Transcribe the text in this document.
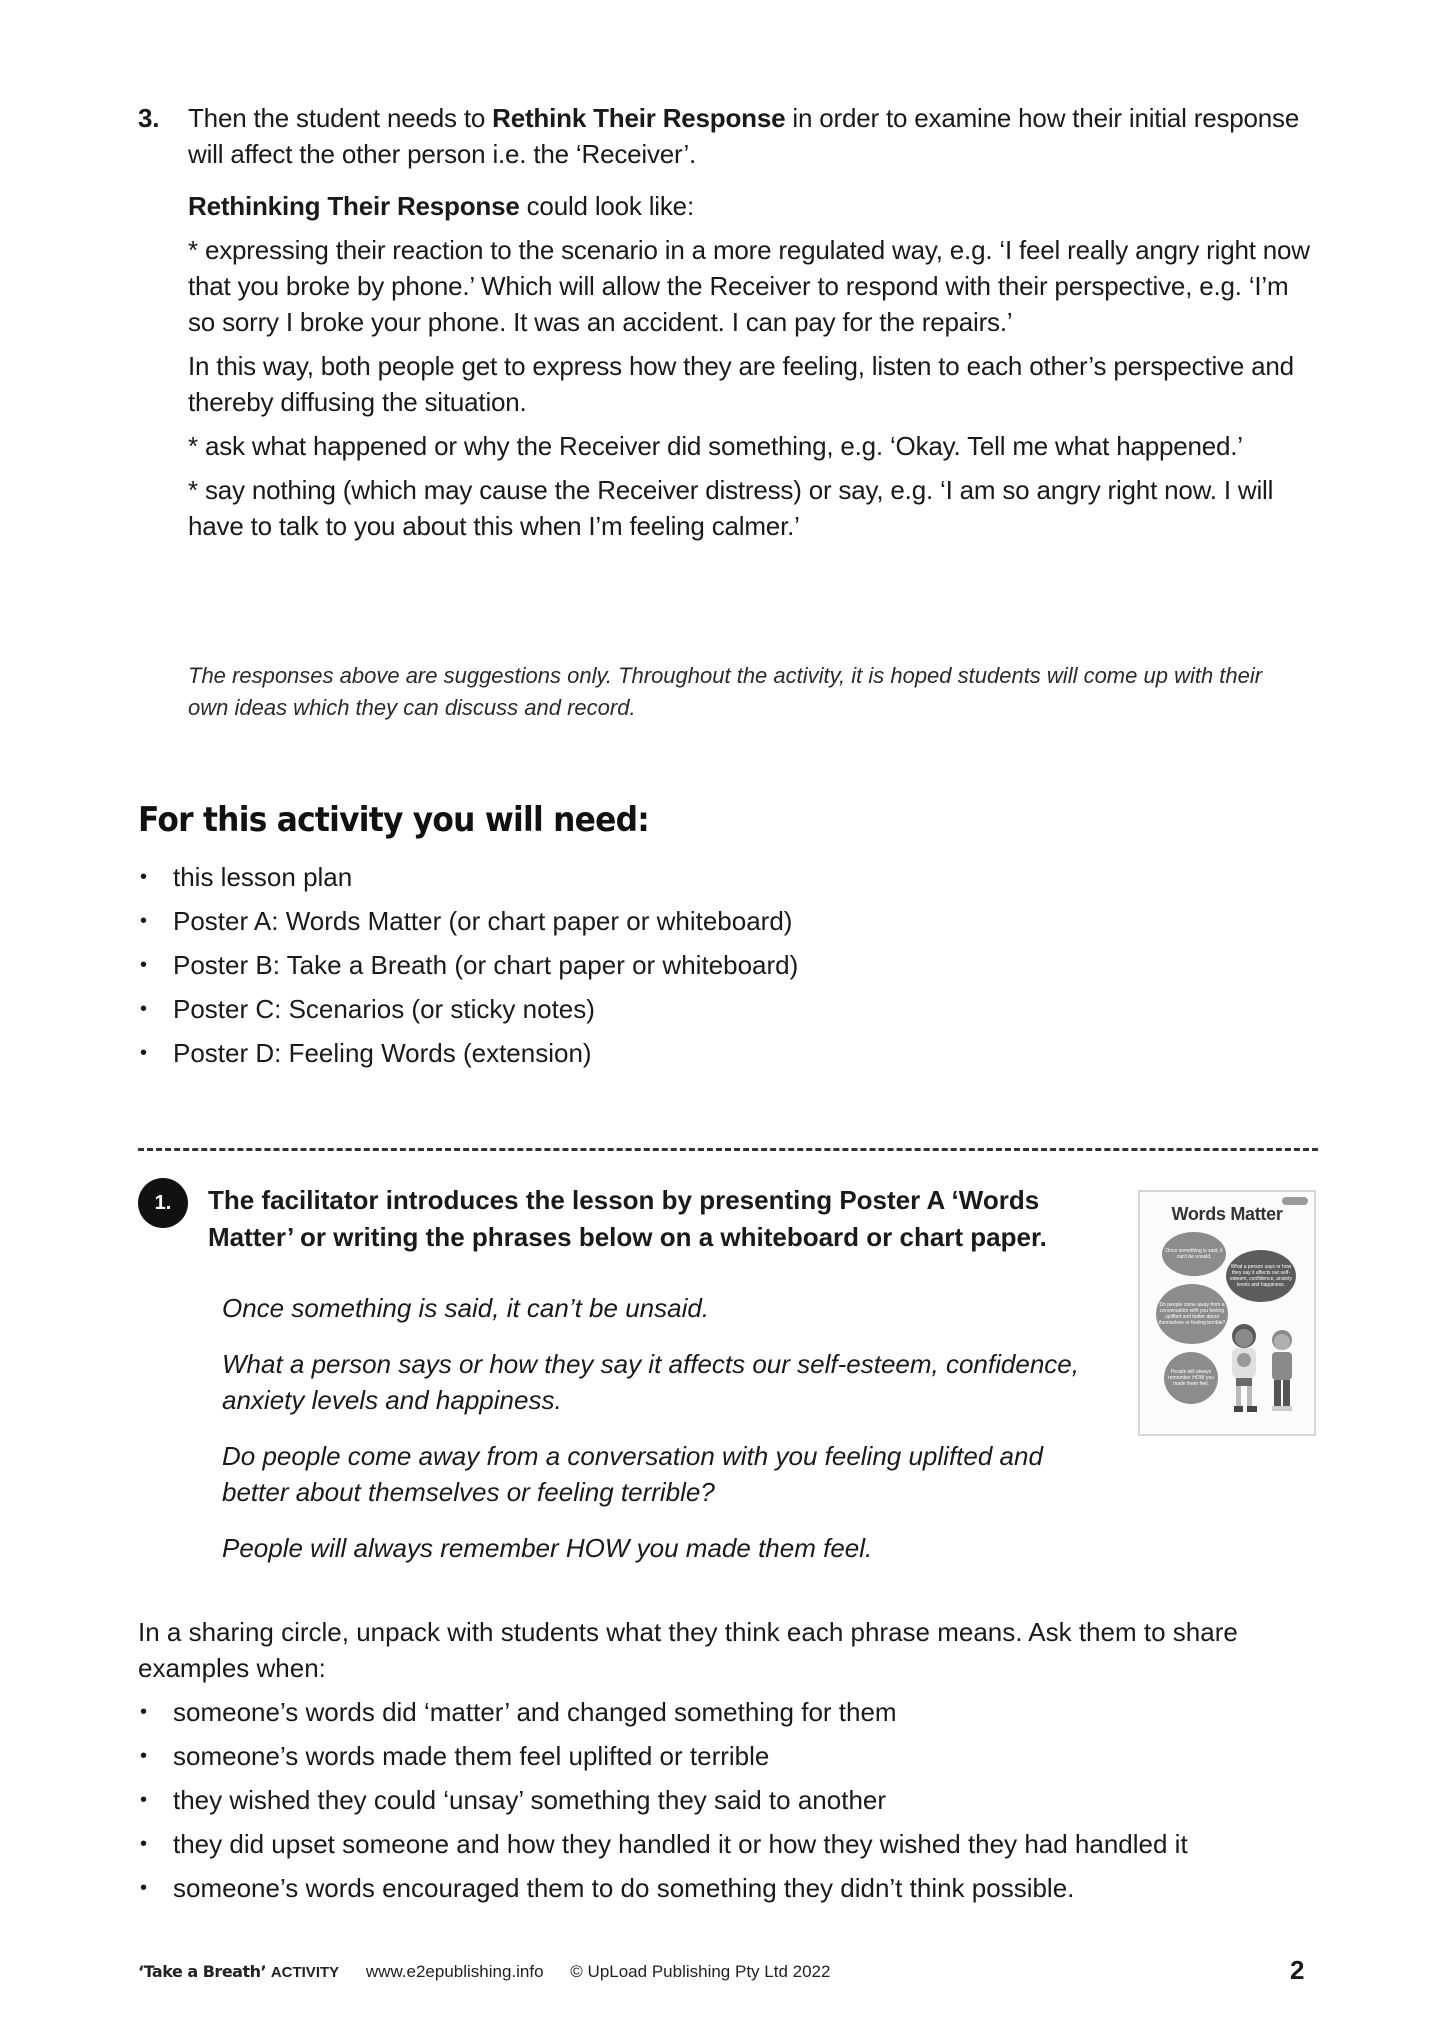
3. Then the student needs to Rethink Their Response in order to examine how their initial response will affect the other person i.e. the ‘Receiver’.

Rethinking Their Response could look like:

* expressing their reaction to the scenario in a more regulated way, e.g. ‘I feel really angry right now that you broke by phone.’ Which will allow the Receiver to respond with their perspective, e.g. ‘I’m so sorry I broke your phone. It was an accident. I can pay for the repairs.’

In this way, both people get to express how they are feeling, listen to each other’s perspective and thereby diffusing the situation.

* ask what happened or why the Receiver did something, e.g. ‘Okay. Tell me what happened.’

* say nothing (which may cause the Receiver distress) or say, e.g. ‘I am so angry right now. I will have to talk to you about this when I’m feeling calmer.’

The responses above are suggestions only. Throughout the activity, it is hoped students will come up with their own ideas which they can discuss and record.
For this activity you will need:
• this lesson plan
• Poster A: Words Matter (or chart paper or whiteboard)
• Poster B: Take a Breath (or chart paper or whiteboard)
• Poster C: Scenarios (or sticky notes)
• Poster D: Feeling Words (extension)
1.	The facilitator introduces the lesson by presenting Poster A ‘Words Matter’ or writing the phrases below on a whiteboard or chart paper.

Once something is said, it can’t be unsaid.

What a person says or how they say it affects our self-esteem, confidence, anxiety levels and happiness.

Do people come away from a conversation with you feeling uplifted and better about themselves or feeling terrible?

People will always remember HOW you made them feel.

Words Matter
Once something is said, it can't be unsaid.
What a person says or how they say it affects our self-esteem, confidence, anxiety levels and happiness.
Do people come away from a conversation with you feeling uplifted and better about themselves or feeling terrible?
People will always remember HOW you made them feel.
In a sharing circle, unpack with students what they think each phrase means. Ask them to share examples when:
• someone’s words did ‘matter’ and changed something for them
• someone’s words made them feel uplifted or terrible
• they wished they could ‘unsay’ something they said to another
• they did upset someone and how they handled it or how they wished they had handled it
• someone’s words encouraged them to do something they didn’t think possible.
‘Take a Breath’ ACTIVITY www.e2epublishing.info © UpLoad Publishing Pty Ltd 2022	2
